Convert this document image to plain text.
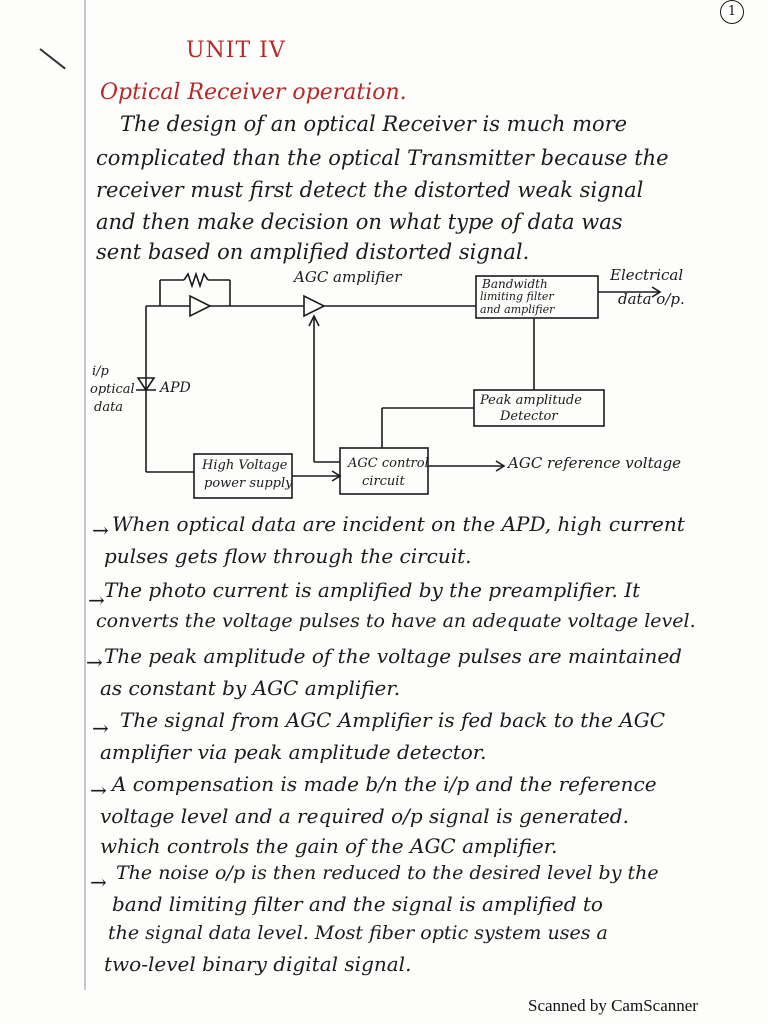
1
UNIT IV
Optical Receiver operation.
The design of an optical Receiver is much more
complicated than the optical Transmitter because the
receiver must first detect the distorted weak signal
and then make decision on what type of data was
sent based on amplified distorted signal.
i/p
optical
data
APD
AGC amplifier	Bandwidth
limiting filter
and amplifier
Electrical
data o/p.
Peak amplitude
Detector
High Voltage
power supply
AGC control
circuit
AGC reference voltage
→ When optical data are incident on the APD, high current
pulses gets flow through the circuit.
→ The photo current is amplified by the preamplifier. It
converts the voltage pulses to have an adequate voltage level.
→ The peak amplitude of the voltage pulses are maintained
as constant by AGC amplifier.
→ The signal from AGC Amplifier is fed back to the AGC
amplifier via peak amplitude detector.
→ A compensation is made b/n the i/p and the reference
voltage level and a required o/p signal is generated.
which controls the gain of the AGC amplifier.
→ The noise o/p is then reduced to the desired level by the
band limiting filter and the signal is amplified to
the signal data level. Most fiber optic system uses a
two-level binary digital signal.
Scanned by CamScanner
